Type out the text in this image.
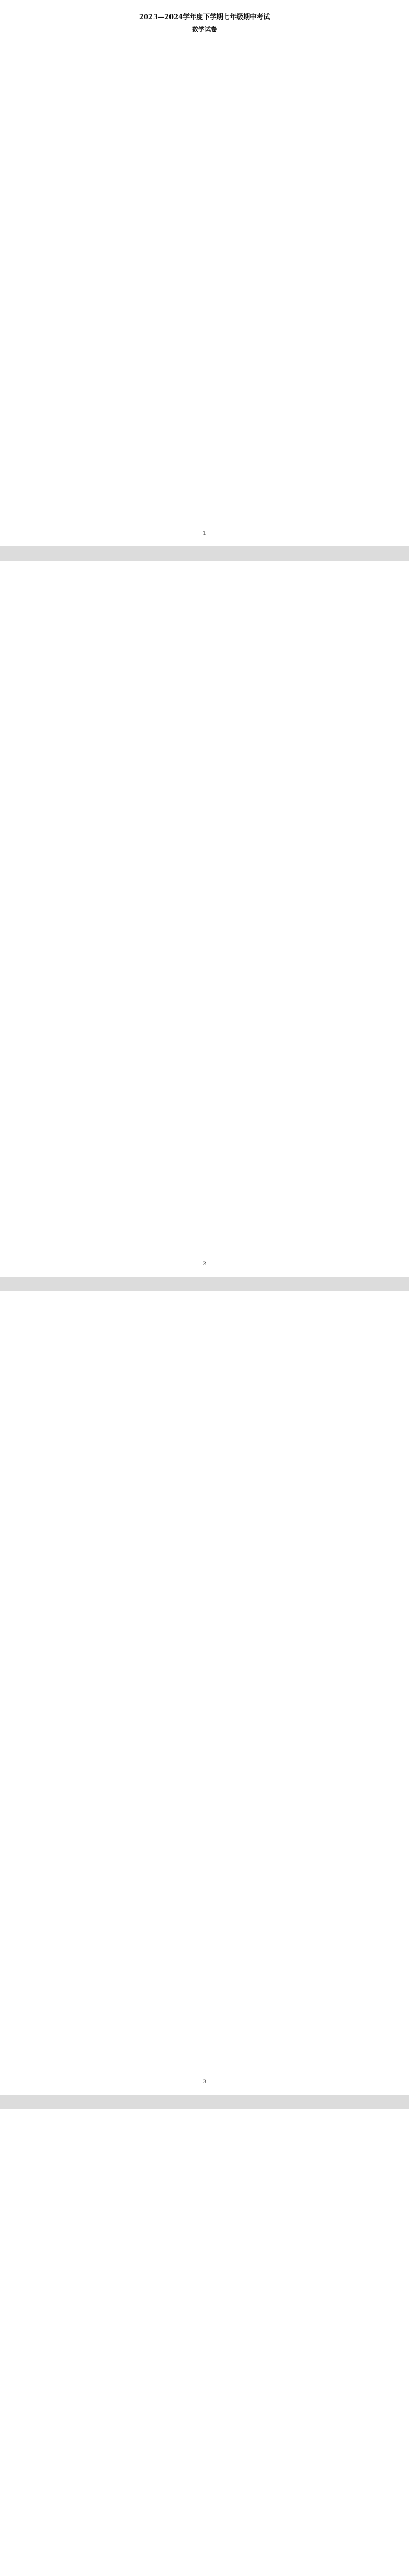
2023—2024学年度下学期七年级期中考试
数学试卷
1
2
3
